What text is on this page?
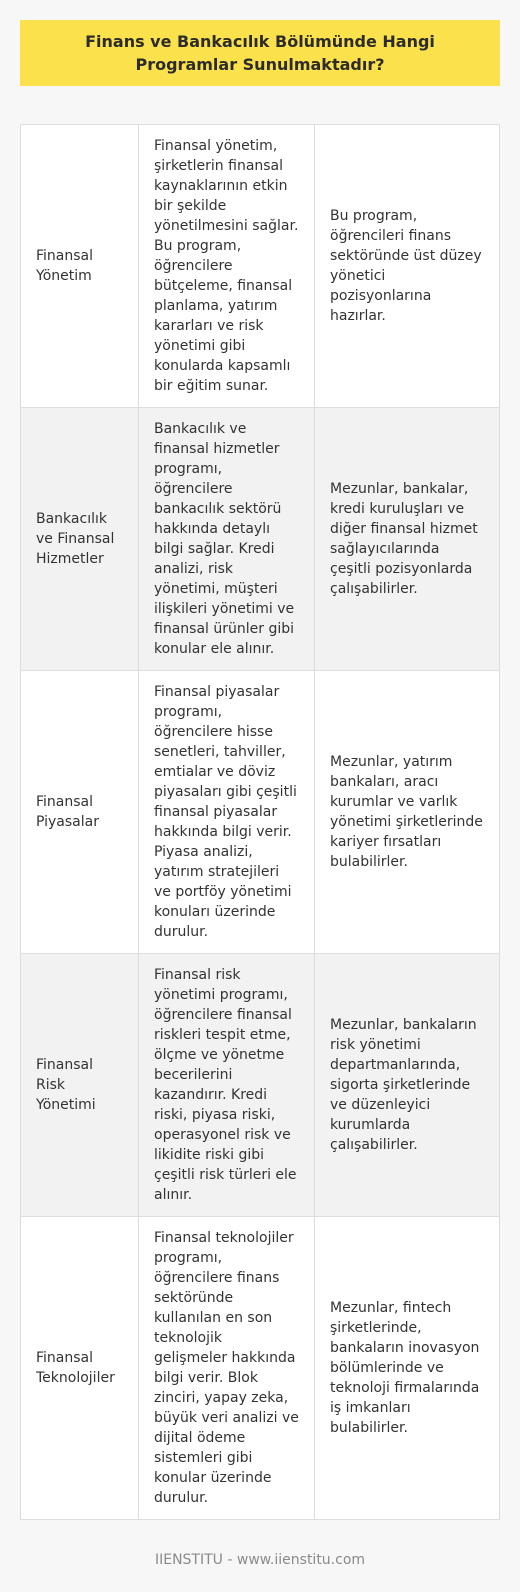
Finans ve Bankacılık Bölümünde Hangi Programlar Sunulmaktadır?
Finansal Yönetim
Finansal yönetim, şirketlerin finansal kaynaklarının etkin bir şekilde yönetilmesini sağlar. Bu program, öğrencilere bütçeleme, finansal planlama, yatırım kararları ve risk yönetimi gibi konularda kapsamlı bir eğitim sunar.
Bu program, öğrencileri finans sektöründe üst düzey yönetici pozisyonlarına hazırlar.
Bankacılık ve Finansal Hizmetler
Bankacılık ve finansal hizmetler programı, öğrencilere bankacılık sektörü hakkında detaylı bilgi sağlar. Kredi analizi, risk yönetimi, müşteri ilişkileri yönetimi ve finansal ürünler gibi konular ele alınır.
Mezunlar, bankalar, kredi kuruluşları ve diğer finansal hizmet sağlayıcılarında çeşitli pozisyonlarda çalışabilirler.
Finansal Piyasalar
Finansal piyasalar programı, öğrencilere hisse senetleri, tahviller, emtialar ve döviz piyasaları gibi çeşitli finansal piyasalar hakkında bilgi verir. Piyasa analizi, yatırım stratejileri ve portföy yönetimi konuları üzerinde durulur.
Mezunlar, yatırım bankaları, aracı kurumlar ve varlık yönetimi şirketlerinde kariyer fırsatları bulabilirler.
Finansal Risk Yönetimi
Finansal risk yönetimi programı, öğrencilere finansal riskleri tespit etme, ölçme ve yönetme becerilerini kazandırır. Kredi riski, piyasa riski, operasyonel risk ve likidite riski gibi çeşitli risk türleri ele alınır.
Mezunlar, bankaların risk yönetimi departmanlarında, sigorta şirketlerinde ve düzenleyici kurumlarda çalışabilirler.
Finansal Teknolojiler
Finansal teknolojiler programı, öğrencilere finans sektöründe kullanılan en son teknolojik gelişmeler hakkında bilgi verir. Blok zinciri, yapay zeka, büyük veri analizi ve dijital ödeme sistemleri gibi konular üzerinde durulur.
Mezunlar, fintech şirketlerinde, bankaların inovasyon bölümlerinde ve teknoloji firmalarında iş imkanları bulabilirler.
IIENSTITU - www.iienstitu.com
